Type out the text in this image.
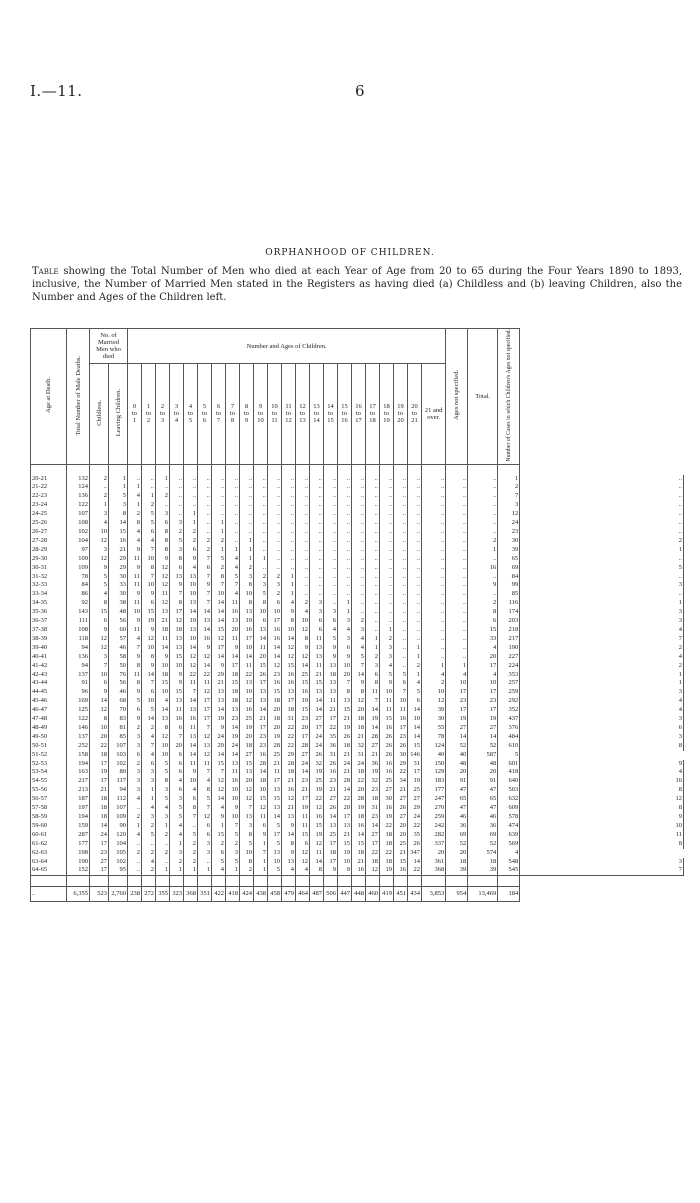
I.—11.	6
ORPHANHOOD OF CHILDREN.
Table showing the Total Number of Men who died at each Year of Age from 20 to 65 during the Four Years 1890 to 1893, inclusive, the Number of Married Men stated in the Registers as having died (a) Childless and (b) leaving Children, also the Number and Ages of the Children left.
Age at Death.	Total Number of Male Deaths.	No. of
Married
Men who
died		Number and Ages of Children.																						Ages not specified.	Total.	Number of Cases in which Children's Ages not specified.	
		Childless.	Leaving Children.	0
to
1	1
to
2	2
to
3	3
to
4	4
to
5	5
to
6	6
to
7	7
to
8	8
to
9	9
to
10	10
to
11	11
to
12	12
to
13	13
to
14	14
to
15	15
to
16	16
to
17	17
to
18	18
to
19	19
to
20	20
to
21	21 and
over.				

20-21	132	2	1	..	..	1	..	..	..	..	..	..	..	..	..	..	..	..	..	..	..	..	..	..	..	..	..	1	..
21-22	124	..	1	1	..	..	..	..	..	..	..	..	..	..	..	..	..	..	..	..	..	..	..	..	..	..	..	2	..
22-23	136	2	5	4	1	2	..	..	..	..	..	..	..	..	..	..	..	..	..	..	..	..	..	..	..	..	..	7	..
23-24	122	1	3	1	2	..	..	..	..	..	..	..	..	..	..	..	..	..	..	..	..	..	..	..	..	..	..	3	..
24-25	107	3	8	2	5	3	..	1	..	..	..	..	..	..	..	..	..	..	..	..	..	..	..	..	..	..	..	12	..
25-26	108	4	14	8	5	6	3	1	..	1	..	..	..	..	..	..	..	..	..	..	..	..	..	..	..	..	..	24	..
26-27	102	10	15	4	6	8	2	2	..	1	..	..	..	..	..	..	..	..	..	..	..	..	..	..	..	..	..	23	..
27-28	104	12	16	4	4	8	5	2	2	2	..	1	..	..	..	..	..	..	..	..	..	..	..	..	..	..	2	30	2
28-29	97	3	21	9	7	8	3	6	2	1	1	1	..	..	..	..	..	..	..	..	..	..	..	..	..	..	1	39	1
29-30	109	12	29	11	10	9	8	9	7	5	4	1	1	..	..	..	..	..	..	..	..	..	..	..	..	..	..	65	..
30-31	109	9	29	9	8	12	6	4	6	2	4	2	..	..	..	..	..	..	..	..	..	..	..	..	..	..	16	69	5
31-32	78	5	30	11	7	12	13	13	7	8	5	3	2	2	1	..	..	..	..	..	..	..	..	..	..	..	..	84	..
32-33	84	5	33	11	10	12	9	10	9	7	7	8	3	3	1	..	..	..	..	..	..	..	..	..	..	..	9	99	3
33-34	86	4	30	9	9	11	7	10	7	10	4	10	5	2	1	..	..	..	..	..	..	..	..	..	..	..	..	85	..
34-35	92	8	38	11	6	12	8	13	7	14	11	8	8	6	4	2	3	..	1	..	..	..	..	..	..	..	2	116	1
35-36	143	15	48	10	15	13	17	14	14	14	16	13	10	10	9	4	3	3	1	..	..	..	..	..	..	..	8	174	3
36-37	111	6	56	9	19	21	12	19	13	14	13	19	6	17	8	10	6	6	3	2	..	..	..	..	..	..	6	203	3
37-38	108	9	60	11	9	18	18	13	14	15	20	16	13	16	10	12	6	4	4	3	..	1	..	..	..	..	15	218	4
38-39	118	12	57	4	12	11	13	10	16	12	11	17	14	16	14	8	11	5	3	4	1	2	..	..	..	..	33	217	7
39-40	94	12	46	7	10	14	13	14	9	17	9	10	11	14	12	9	13	9	6	4	1	3	..	1	..	..	4	190	2
40-41	136	3	58	9	8	9	15	12	12	14	14	14	20	14	12	12	13	9	9	5	2	3	..	1	..	..	20	227	4
41-42	94	7	50	8	9	10	10	12	14	9	17	11	15	12	15	14	11	13	10	7	3	4	..	2	1	1	17	224	2
42-43	137	10	76	11	14	18	9	22	22	29	18	22	26	23	16	25	21	18	20	14	6	5	5	1	4	4	4	353	1
43-44	91	6	56	8	7	15	9	11	11	21	15	13	17	16	16	15	15	13	7	9	8	9	6	4	2	10	10	257	1
44-45	96	9	46	9	6	10	15	7	12	13	18	10	13	15	13	16	13	13	8	8	11	10	7	5	10	17	17	259	3
45-46	169	14	68	5	10	4	13	14	17	13	18	12	13	18	17	19	14	11	13	12	7	11	10	6	12	23	23	292	4
46-47	125	12	70	6	5	14	11	13	17	14	13	16	14	20	18	15	14	21	15	20	14	11	11	14	39	17	17	352	4
47-48	122	8	83	9	14	13	16	16	17	19	23	25	21	18	31	23	27	17	21	18	19	15	16	10	30	19	19	437	3
48-49	146	10	81	2	2	8	6	11	7	9	14	19	17	20	22	20	17	22	19	18	14	16	17	14	55	27	27	376	6
49-50	137	20	85	3	4	12	7	13	12	24	19	20	23	19	22	17	24	35	26	21	28	26	23	14	78	14	14	484	3
50-51	252	22	107	3	7	10	20	14	13	20	24	18	23	28	22	28	24	36	18	32	27	26	26	15	124	52	52	610	8
51-52	158	18	103	6	4	10	6	14	12	14	14	27	16	25	29	27	26	31	21	31	21	26	30	146	40	40	587	5	
52-53	194	17	102	2	6	5	6	11	11	15	13	15	28	21	28	24	32	26	24	24	36	16	29	31	150	48	48	601	9
53-54	163	19	80	3	3	5	6	9	7	7	11	13	14	11	18	14	19	16	21	18	19	16	22	17	129	20	20	418	4
54-55	217	17	117	3	3	8	4	10	4	12	16	20	18	17	21	23	25	23	28	22	32	25	34	19	183	91	91	640	16
55-56	213	21	94	3	1	3	6	4	8	12	10	12	10	13	16	21	19	21	14	20	23	27	21	25	177	47	47	503	8
56-57	187	18	112	4	1	5	3	6	5	14	10	12	15	15	12	17	22	27	22	28	18	30	27	27	247	65	65	632	12
57-58	197	18	107	..	4	4	5	8	7	4	9	7	12	13	21	19	12	26	20	19	31	16	26	29	270	47	47	609	8
58-59	194	18	109	2	3	3	5	7	12	9	10	13	11	14	13	11	16	14	17	18	23	19	27	24	259	46	46	578	9
59-60	159	14	90	1	2	1	4	..	6	1	7	3	6	5	9	11	15	13	13	16	14	22	20	22	242	36	36	474	10
60-61	287	24	120	4	5	2	4	5	6	15	5	8	9	17	14	15	19	25	21	14	27	18	20	35	282	69	69	639	11
61-62	177	17	104	..	..	..	1	2	3	2	2	5	1	5	8	6	12	17	15	15	17	18	25	26	337	52	52	569	8
62-63	198	23	105	2	2	2	3	2	3	6	3	10	7	13	9	12	11	18	19	18	22	22	21	347	20	20	574	4	
63-64	190	27	102	..	4	..	2	2	..	5	5	8	1	10	13	12	14	17	10	21	18	18	15	14	361	18	18	548	3
64-65	152	17	95	..	2	1	1	1	1	4	1	2	1	5	4	4	8	9	9	16	12	19	16	22	368	39	39	545	7

..	6,355	523	2,760	238	272	355	323	368	351	422	418	424	438	458	479	464	487	506	447	448	460	419	451	434	3,853	954	13,469	184	
